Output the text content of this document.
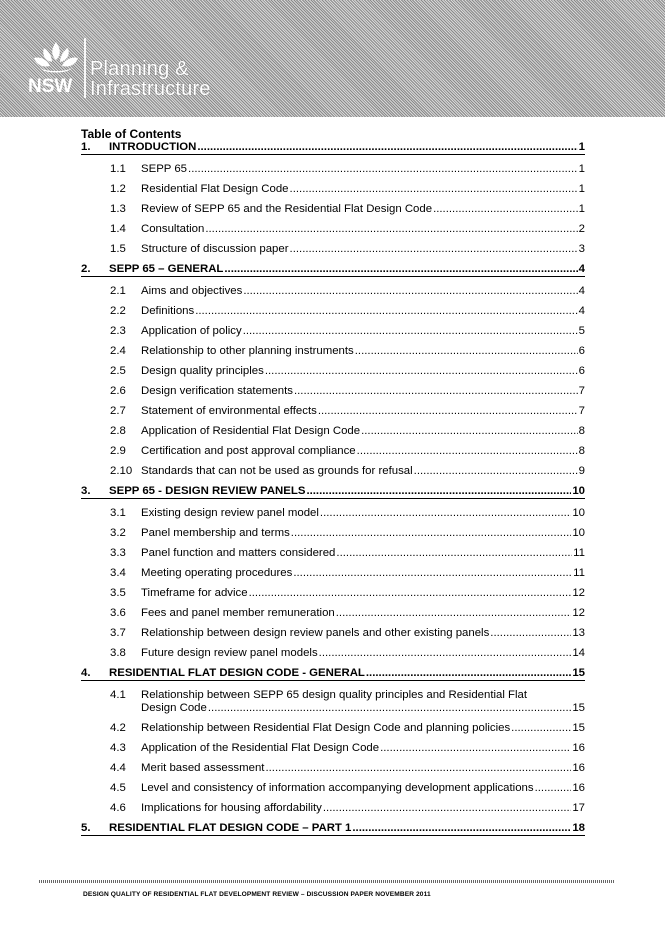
NSW
Planning &
Infrastructure
Table of Contents
1. INTRODUCTION .....	1
1.1 SEPP 65 .....	1
1.2 Residential Flat Design Code .....	1
1.3 Review of SEPP 65 and the Residential Flat Design Code .....	1
1.4 Consultation .....	2
1.5 Structure of discussion paper .....	3
2. SEPP 65 – GENERAL .....	4
2.1 Aims and objectives .....	4
2.2 Definitions .....	4
2.3 Application of policy .....	5
2.4 Relationship to other planning instruments .....	6
2.5 Design quality principles .....	6
2.6 Design verification statements .....	7
2.7 Statement of environmental effects .....	7
2.8 Application of Residential Flat Design Code .....	8
2.9 Certification and post approval compliance .....	8
2.10 Standards that can not be used as grounds for refusal .....	9
3. SEPP 65 - DESIGN REVIEW PANELS .....	10
3.1 Existing design review panel model .....	10
3.2 Panel membership and terms .....	10
3.3 Panel function and matters considered .....	11
3.4 Meeting operating procedures .....	11
3.5 Timeframe for advice .....	12
3.6 Fees and panel member remuneration .....	12
3.7 Relationship between design review panels and other existing panels .....	13
3.8 Future design review panel models .....	14
4. RESIDENTIAL FLAT DESIGN CODE - GENERAL .....	15
4.1 Relationship between SEPP 65 design quality principles and Residential Flat
Design Code .....	15
4.2 Relationship between Residential Flat Design Code and planning policies .....	15
4.3 Application of the Residential Flat Design Code .....	16
4.4 Merit based assessment .....	16
4.5 Level and consistency of information accompanying development applications .....	16
4.6 Implications for housing affordability .....	17
5. RESIDENTIAL FLAT DESIGN CODE – PART 1 .....	18
DESIGN QUALITY OF RESIDENTIAL FLAT DEVELOPMENT REVIEW – DISCUSSION PAPER NOVEMBER 2011
